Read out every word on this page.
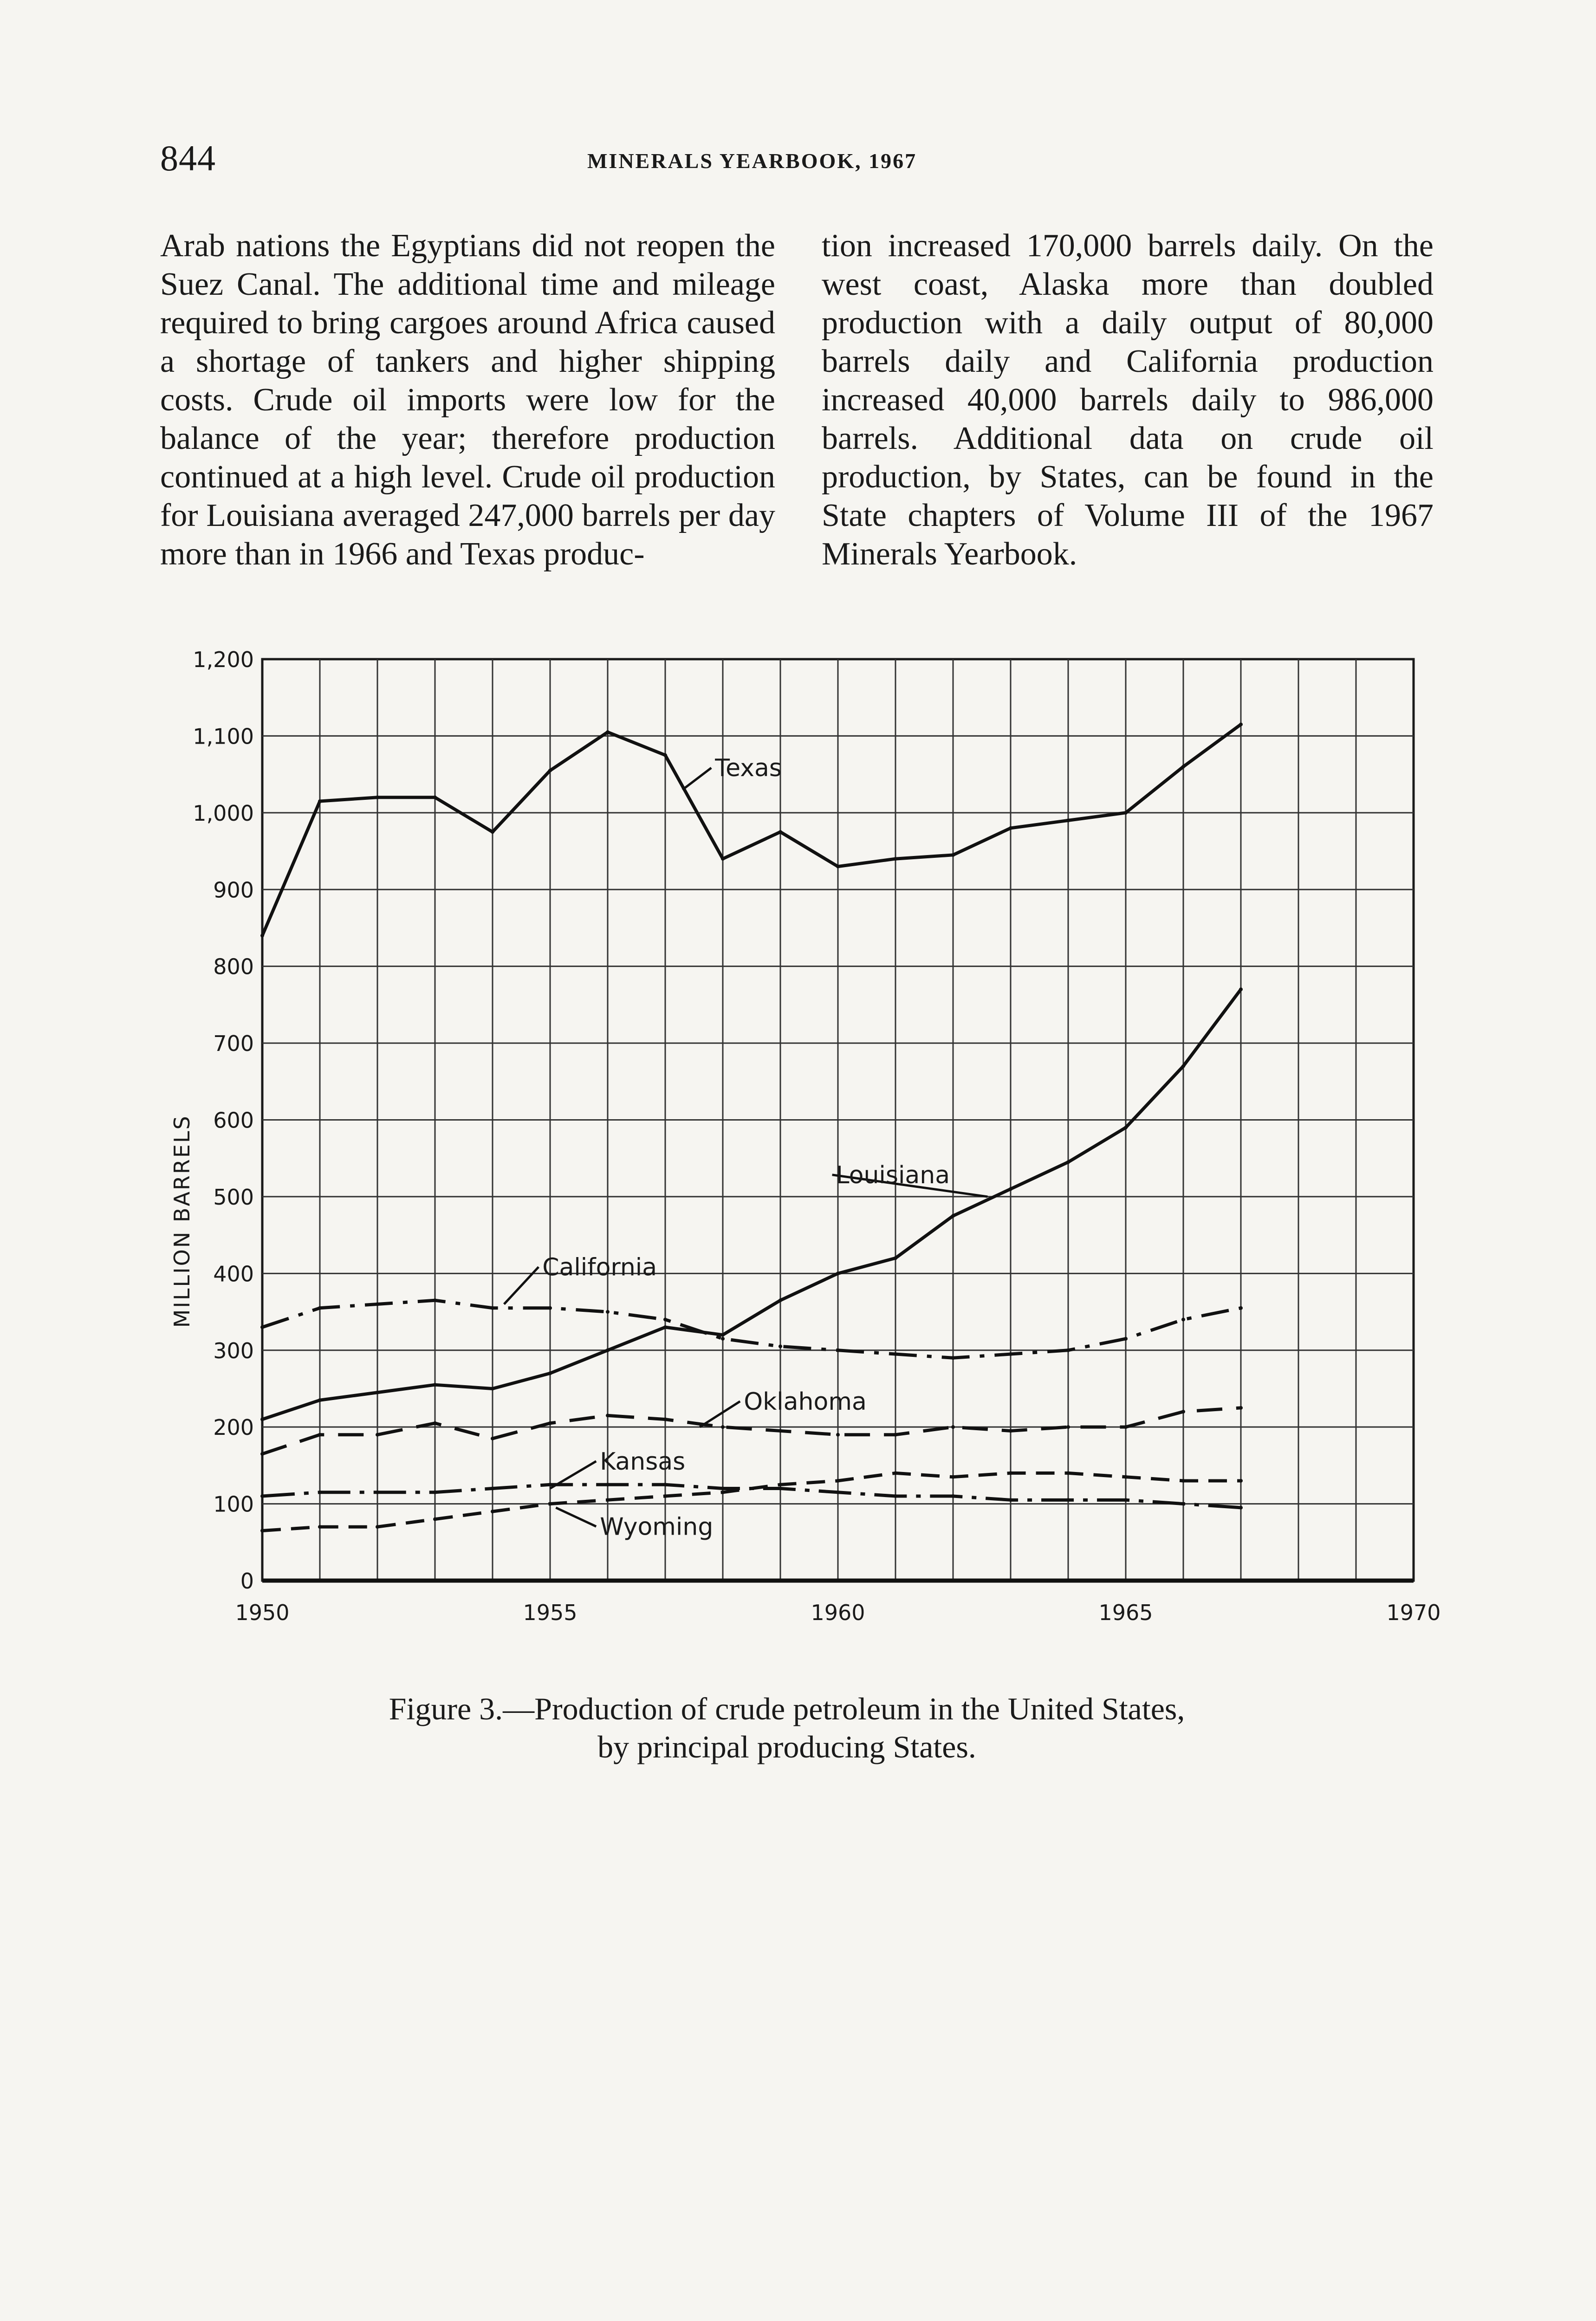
844	MINERALS YEARBOOK, 1967
Arab nations the Egyptians did not reopen the Suez Canal. The additional time and mileage required to bring cargoes around Africa caused a shortage of tankers and higher shipping costs. Crude oil imports were low for the balance of the year; therefore production continued at a high level. Crude oil production for Louisiana averaged 247,000 barrels per day more than in 1966 and Texas produc-
tion increased 170,000 barrels daily. On the west coast, Alaska more than doubled production with a daily output of 80,000 barrels daily and California production increased 40,000 barrels daily to 986,000 barrels. Additional data on crude oil production, by States, can be found in the State chapters of Volume III of the 1967 Minerals Yearbook.
0
100
200
300
400
500
600
700
800
900
1,000
1,100
1,200
1950	1955	1960	1965	1970
MILLION BARRELS
Texas
Louisiana
California
Oklahoma
Kansas
Wyoming
Figure 3.—Production of crude petroleum in the United States,
by principal producing States.
